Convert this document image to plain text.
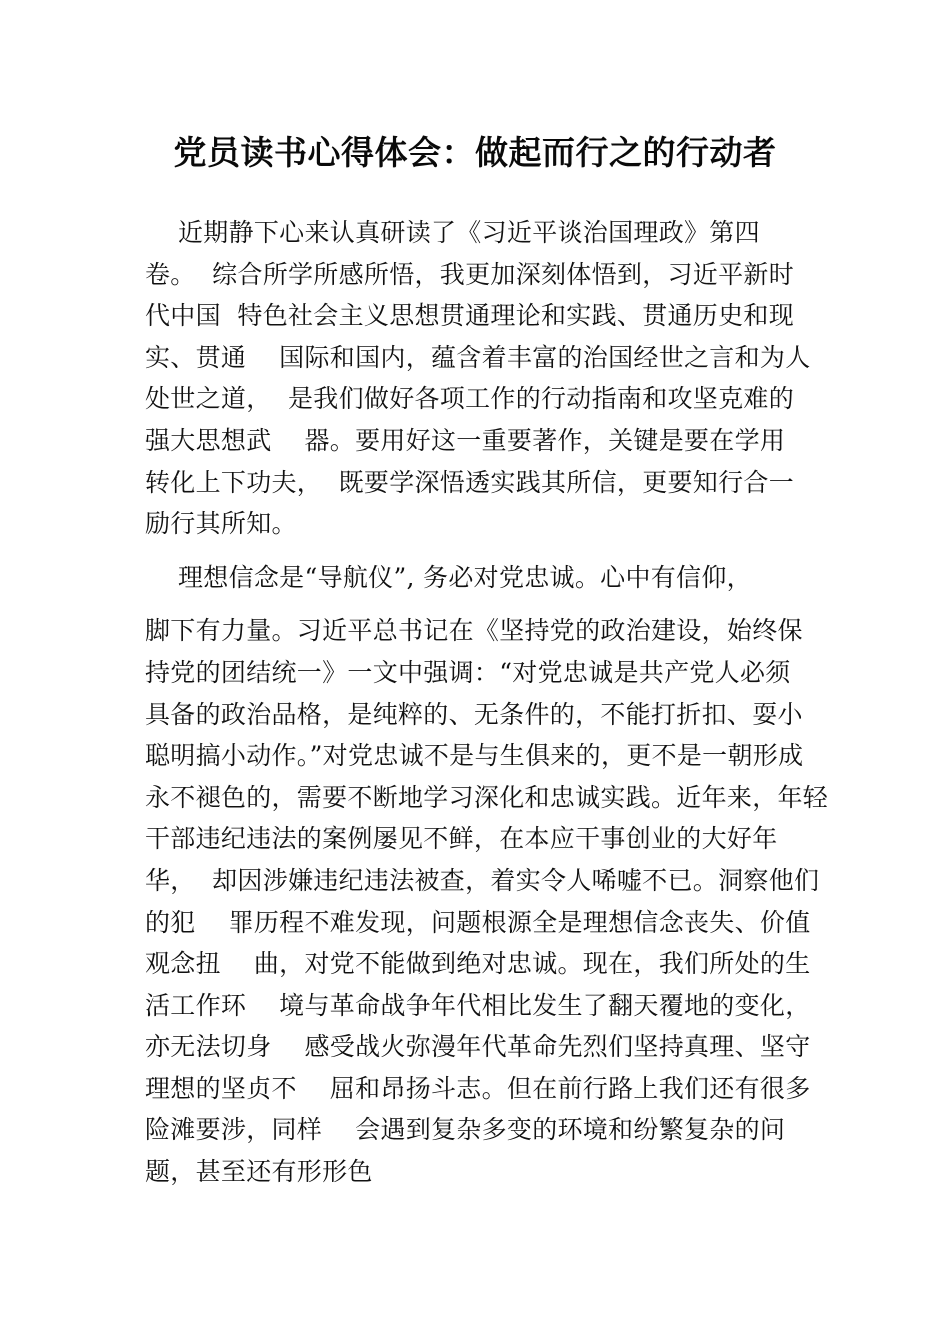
党员读书心得体会：做起而行之的行动者
近期静下心来认真研读了《习近平谈治国理政》第四
卷。  综合所学所感所悟，我更加深刻体悟到，习近平新时
代中国  特色社会主义思想贯通理论和实践、贯通历史和现
实、贯通    国际和国内，蕴含着丰富的治国经世之言和为人
处世之道，  是我们做好各项工作的行动指南和攻坚克难的
强大思想武    器。要用好这一重要著作，关键是要在学用
转化上下功夫，  既要学深悟透实践其所信，更要知行合一
励行其所知。
理想信念是“导航仪”, 务必对党忠诚。心中有信仰，
脚下有力量。习近平总书记在《坚持党的政治建设，始终保
持党的团结统一》一文中强调：“对党忠诚是共产党人必须
具备的政治品格，是纯粹的、无条件的，不能打折扣、耍小
聪明搞小动作。”对党忠诚不是与生俱来的，更不是一朝形成
永不褪色的，需要不断地学习深化和忠诚实践。近年来，年轻
干部违纪违法的案例屡见不鲜，在本应干事创业的大好年
华，  却因涉嫌违纪违法被查，着实令人唏嘘不已。洞察他们
的犯    罪历程不难发现，问题根源全是理想信念丧失、价值
观念扭    曲，对党不能做到绝对忠诚。现在，我们所处的生
活工作环    境与革命战争年代相比发生了翻天覆地的变化，
亦无法切身    感受战火弥漫年代革命先烈们坚持真理、坚守
理想的坚贞不    屈和昂扬斗志。但在前行路上我们还有很多
险滩要涉，同样    会遇到复杂多变的环境和纷繁复杂的问
题，甚至还有形形色
